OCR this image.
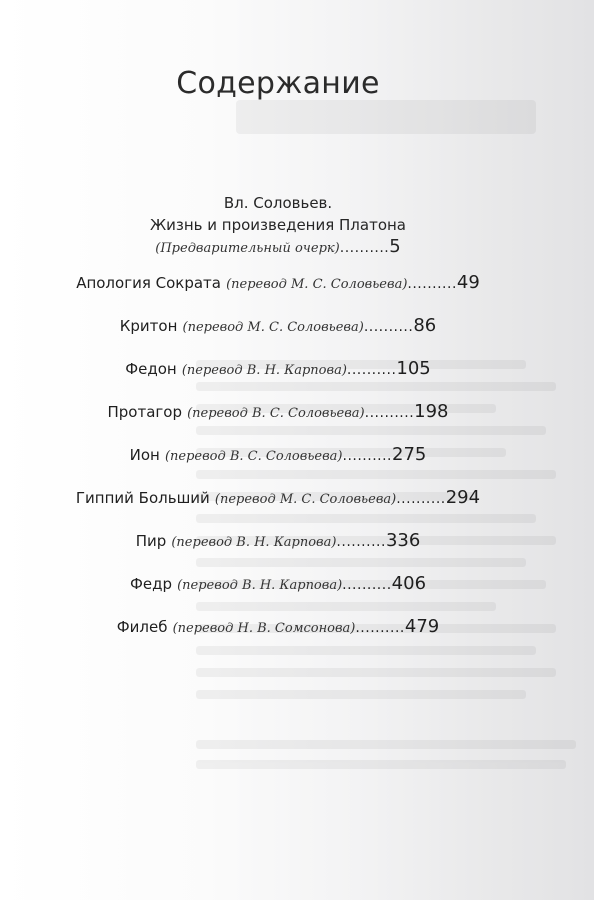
Содержание
Вл. Соловьев.
Жизнь и произведения Платона
(Предварительный очерк)..........5
Апология Сократа (перевод М. С. Соловьева)..........49
Критон (перевод М. С. Соловьева)..........86
Федон (перевод В. Н. Карпова)..........105
Протагор (перевод В. С. Соловьева)..........198
Ион (перевод В. С. Соловьева)..........275
Гиппий Больший (перевод М. С. Соловьева)..........294
Пир (перевод В. Н. Карпова)..........336
Федр (перевод В. Н. Карпова)..........406
Филеб (перевод Н. В. Сомсонова)..........479
